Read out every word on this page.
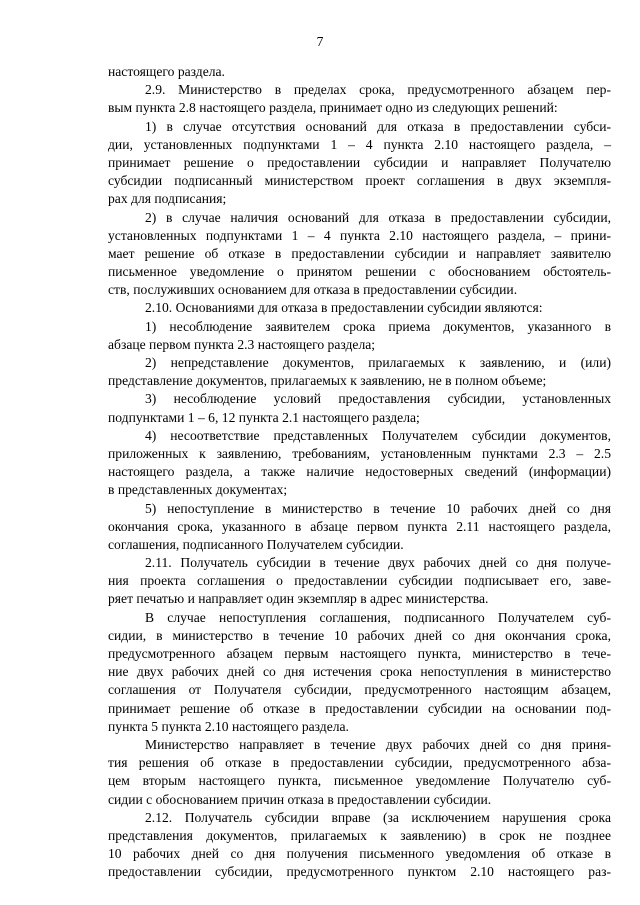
7
настоящего раздела.
2.9. Министерство в пределах срока, предусмотренного абзацем пер-
вым пункта 2.8 настоящего раздела, принимает одно из следующих решений:
1) в случае отсутствия оснований для отказа в предоставлении субси-
дии, установленных подпунктами 1 – 4 пункта 2.10 настоящего раздела, –
принимает решение о предоставлении субсидии и направляет Получателю
субсидии подписанный министерством проект соглашения в двух экземпля-
рах для подписания;
2) в случае наличия оснований для отказа в предоставлении субсидии,
установленных подпунктами 1 – 4 пункта 2.10 настоящего раздела, – прини-
мает решение об отказе в предоставлении субсидии и направляет заявителю
письменное уведомление о принятом решении с обоснованием обстоятель-
ств, послуживших основанием для отказа в предоставлении субсидии.
2.10. Основаниями для отказа в предоставлении субсидии являются:
1) несоблюдение заявителем срока приема документов, указанного в
абзаце первом пункта 2.3 настоящего раздела;
2) непредставление документов, прилагаемых к заявлению, и (или)
представление документов, прилагаемых к заявлению, не в полном объеме;
3) несоблюдение условий предоставления субсидии, установленных
подпунктами 1 – 6, 12 пункта 2.1 настоящего раздела;
4) несоответствие представленных Получателем субсидии документов,
приложенных к заявлению, требованиям, установленным пунктами 2.3 – 2.5
настоящего раздела, а также наличие недостоверных сведений (информации)
в представленных документах;
5) непоступление в министерство в течение 10 рабочих дней со дня
окончания срока, указанного в абзаце первом пункта 2.11 настоящего раздела,
соглашения, подписанного Получателем субсидии.
2.11. Получатель субсидии в течение двух рабочих дней со дня получе-
ния проекта соглашения о предоставлении субсидии подписывает его, заве-
ряет печатью и направляет один экземпляр в адрес министерства.
В случае непоступления соглашения, подписанного Получателем суб-
сидии, в министерство в течение 10 рабочих дней со дня окончания срока,
предусмотренного абзацем первым настоящего пункта, министерство в тече-
ние двух рабочих дней со дня истечения срока непоступления в министерство
соглашения от Получателя субсидии, предусмотренного настоящим абзацем,
принимает решение об отказе в предоставлении субсидии на основании под-
пункта 5 пункта 2.10 настоящего раздела.
Министерство направляет в течение двух рабочих дней со дня приня-
тия решения об отказе в предоставлении субсидии, предусмотренного абза-
цем вторым настоящего пункта, письменное уведомление Получателю суб-
сидии с обоснованием причин отказа в предоставлении субсидии.
2.12. Получатель субсидии вправе (за исключением нарушения срока
представления документов, прилагаемых к заявлению) в срок не позднее
10 рабочих дней со дня получения письменного уведомления об отказе в
предоставлении субсидии, предусмотренного пунктом 2.10 настоящего раз-
